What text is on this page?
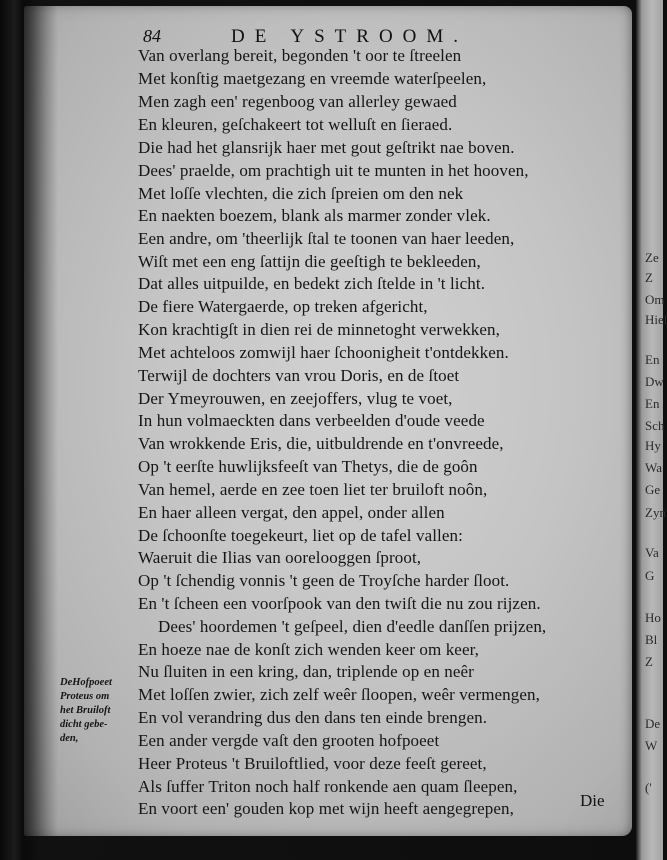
Ze
Z
Om
Hiel
En
Dw
En
Sch
Hy
Wa
Ge
Zyn
Va
G
Ho
Bl
Z
De
W
('
84	DE YSTROOM.
Van overlang bereit, begonden 't oor te ſtreelen
Met konſtig maetgezang en vreemde waterſpeelen,
Men zagh een' regenboog van allerley gewaed
En kleuren, geſchakeert tot welluſt en ſieraed.
Die had het glansrijk haer met gout geſtrikt nae boven.
Dees' praelde, om prachtigh uit te munten in het hooven,
Met loſſe vlechten, die zich ſpreien om den nek
En naekten boezem, blank als marmer zonder vlek.
Een andre, om 'theerlijk ſtal te toonen van haer leeden,
Wiſt met een eng ſattijn die geeſtigh te bekleeden,
Dat alles uitpuilde, en bedekt zich ſtelde in 't licht.
De fiere Watergaerde, op treken afgericht,
Kon krachtigſt in dien rei de minnetoght verwekken,
Met achteloos zomwijl haer ſchoonigheit t'ontdekken.
Terwijl de dochters van vrou Doris, en de ſtoet
Der Ymeyrouwen, en zeejoffers, vlug te voet,
In hun volmaeckten dans verbeelden d'oude veede
Van wrokkende Eris, die, uitbuldrende en t'onvreede,
Op 't eerſte huwlijksfeeſt van Thetys, die de goôn
Van hemel, aerde en zee toen liet ter bruiloft noôn,
En haer alleen vergat, den appel, onder allen
De ſchoonſte toegekeurt, liet op de tafel vallen:
Waeruit die Ilias van oorelooggen ſproot,
Op 't ſchendig vonnis 't geen de Troyſche harder ſloot.
En 't ſcheen een voorſpook van den twiſt die nu zou rijzen.
Dees' hoordemen 't geſpeel, dien d'eedle danſſen prijzen,
En hoeze nae de konſt zich wenden keer om keer,
Nu ſluiten in een kring, dan, triplende op en neêr
Met loſſen zwier, zich zelf weêr ſloopen, weêr vermengen,
En vol verandring dus den dans ten einde brengen.
Een ander vergde vaſt den grooten hofpoeet
Heer Proteus 't Bruiloftlied, voor deze feeſt gereet,
Als ſuffer Triton noch half ronkende aen quam ſleepen,
En voort een' gouden kop met wijn heeft aengegrepen,
DeHofpoeet
Proteus om
het Bruiloft
dicht gebe-
den,
Die
